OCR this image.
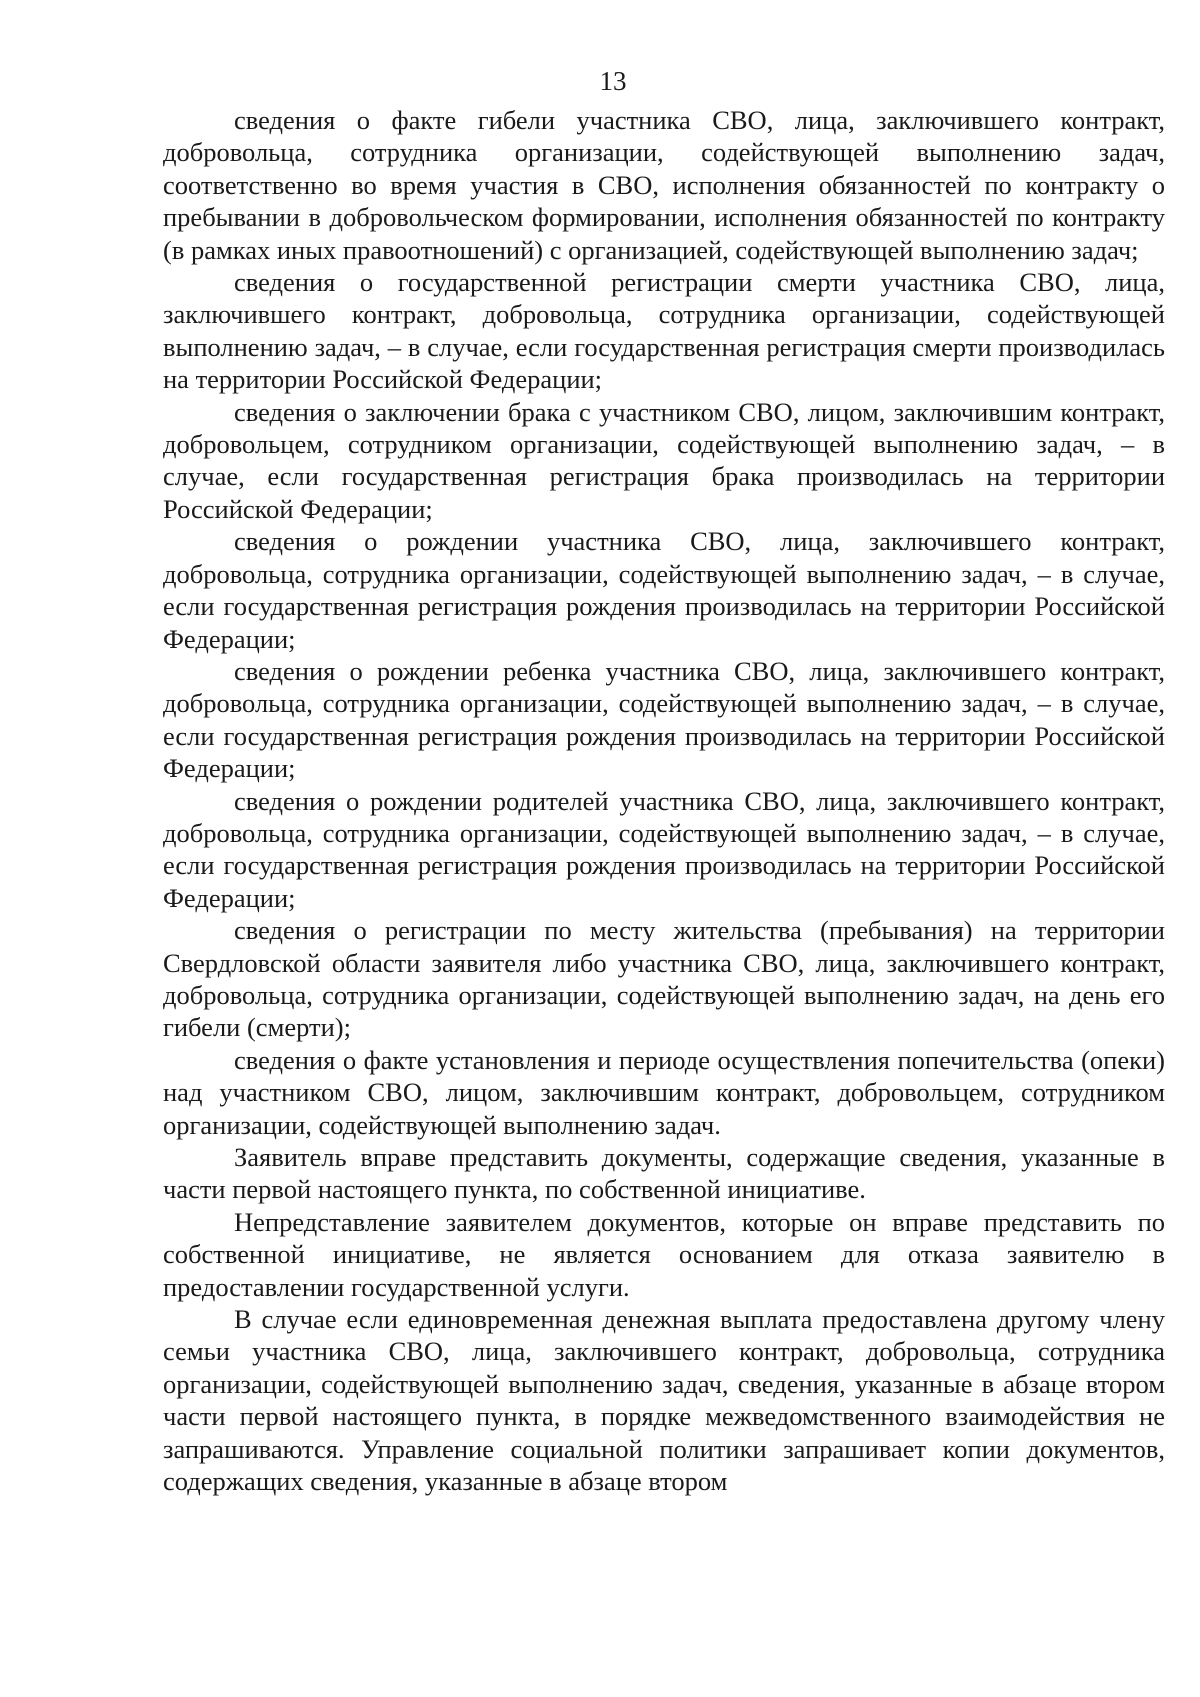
13

сведения о факте гибели участника СВО, лица, заключившего контракт, добровольца, сотрудника организации, содействующей выполнению задач, соответственно во время участия в СВО, исполнения обязанностей по контракту о пребывании в добровольческом формировании, исполнения обязанностей по контракту (в рамках иных правоотношений) с организацией, содействующей выполнению задач;

сведения о государственной регистрации смерти участника СВО, лица, заключившего контракт, добровольца, сотрудника организации, содействующей выполнению задач, – в случае, если государственная регистрация смерти производилась на территории Российской Федерации;

сведения о заключении брака с участником СВО, лицом, заключившим контракт, добровольцем, сотрудником организации, содействующей выполнению задач, – в случае, если государственная регистрация брака производилась на территории Российской Федерации;

сведения о рождении участника СВО, лица, заключившего контракт, добровольца, сотрудника организации, содействующей выполнению задач, – в случае, если государственная регистрация рождения производилась на территории Российской Федерации;

сведения о рождении ребенка участника СВО, лица, заключившего контракт, добровольца, сотрудника организации, содействующей выполнению задач, – в случае, если государственная регистрация рождения производилась на территории Российской Федерации;

сведения о рождении родителей участника СВО, лица, заключившего контракт, добровольца, сотрудника организации, содействующей выполнению задач, – в случае, если государственная регистрация рождения производилась на территории Российской Федерации;

сведения о регистрации по месту жительства (пребывания) на территории Свердловской области заявителя либо участника СВО, лица, заключившего контракт, добровольца, сотрудника организации, содействующей выполнению задач, на день его гибели (смерти);

сведения о факте установления и периоде осуществления попечительства (опеки) над участником СВО, лицом, заключившим контракт, добровольцем, сотрудником организации, содействующей выполнению задач.

Заявитель вправе представить документы, содержащие сведения, указанные в части первой настоящего пункта, по собственной инициативе.

Непредставление заявителем документов, которые он вправе представить по собственной инициативе, не является основанием для отказа заявителю в предоставлении государственной услуги.

В случае если единовременная денежная выплата предоставлена другому члену семьи участника СВО, лица, заключившего контракт, добровольца, сотрудника организации, содействующей выполнению задач, сведения, указанные в абзаце втором части первой настоящего пункта, в порядке межведомственного взаимодействия не запрашиваются. Управление социальной политики запрашивает копии документов, содержащих сведения, указанные в абзаце втором
